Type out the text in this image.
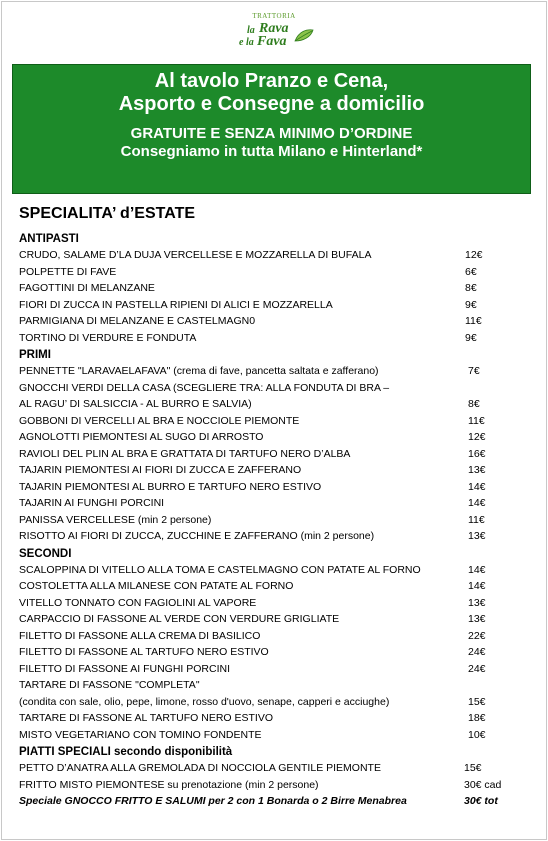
TRATTORIA
la Rava
e la Fava
Al tavolo Pranzo e Cena,
Asporto e Consegne a domicilio
GRATUITE E SENZA MINIMO D’ORDINE
Consegniamo in tutta Milano e Hinterland*
SPECIALITA’ d’ESTATE
ANTIPASTI
CRUDO, SALAME D’LA DUJA VERCELLESE E MOZZARELLA DI BUFALA	12€
POLPETTE DI FAVE	6€
FAGOTTINI DI MELANZANE	8€
FIORI DI ZUCCA IN PASTELLA RIPIENI DI ALICI E MOZZARELLA	9€
PARMIGIANA DI MELANZANE E CASTELMAGN0	11€
TORTINO DI VERDURE E FONDUTA	9€
PRIMI
PENNETTE "LARAVAELAFAVA" (crema di fave, pancetta saltata e zafferano)	7€
GNOCCHI VERDI DELLA CASA (SCEGLIERE TRA: ALLA FONDUTA DI BRA –
AL RAGU’ DI SALSICCIA - AL BURRO E SALVIA)	8€
GOBBONI DI VERCELLI AL BRA E NOCCIOLE PIEMONTE	11€
AGNOLOTTI PIEMONTESI AL SUGO DI ARROSTO	12€
RAVIOLI DEL PLIN AL BRA E GRATTATA DI TARTUFO NERO D’ALBA	16€
TAJARIN PIEMONTESI AI FIORI DI ZUCCA E ZAFFERANO	13€
TAJARIN PIEMONTESI AL BURRO E TARTUFO NERO ESTIVO	14€
TAJARIN AI FUNGHI PORCINI	14€
PANISSA VERCELLESE (min 2 persone)	11€
RISOTTO AI FIORI DI ZUCCA, ZUCCHINE E ZAFFERANO (min 2 persone)	13€
SECONDI
SCALOPPINA DI VITELLO ALLA TOMA E CASTELMAGNO CON PATATE AL FORNO	14€
COSTOLETTA ALLA MILANESE CON PATATE AL FORNO	14€
VITELLO TONNATO CON FAGIOLINI AL VAPORE	13€
CARPACCIO DI FASSONE AL VERDE CON VERDURE GRIGLIATE	13€
FILETTO DI FASSONE ALLA CREMA DI BASILICO	22€
FILETTO DI FASSONE AL TARTUFO NERO ESTIVO	24€
FILETTO DI FASSONE AI FUNGHI PORCINI	24€
TARTARE DI FASSONE "COMPLETA"
(condita con sale, olio, pepe, limone, rosso d'uovo, senape, capperi e acciughe)	15€
TARTARE DI FASSONE AL TARTUFO NERO ESTIVO	18€
MISTO VEGETARIANO CON TOMINO FONDENTE	10€
PIATTI SPECIALI secondo disponibilità
PETTO D’ANATRA ALLA GREMOLADA DI NOCCIOLA GENTILE PIEMONTE	15€
FRITTO MISTO PIEMONTESE su prenotazione (min 2 persone)	30€ cad
Speciale GNOCCO FRITTO E SALUMI per 2 con 1 Bonarda o 2 Birre Menabrea	30€ tot
